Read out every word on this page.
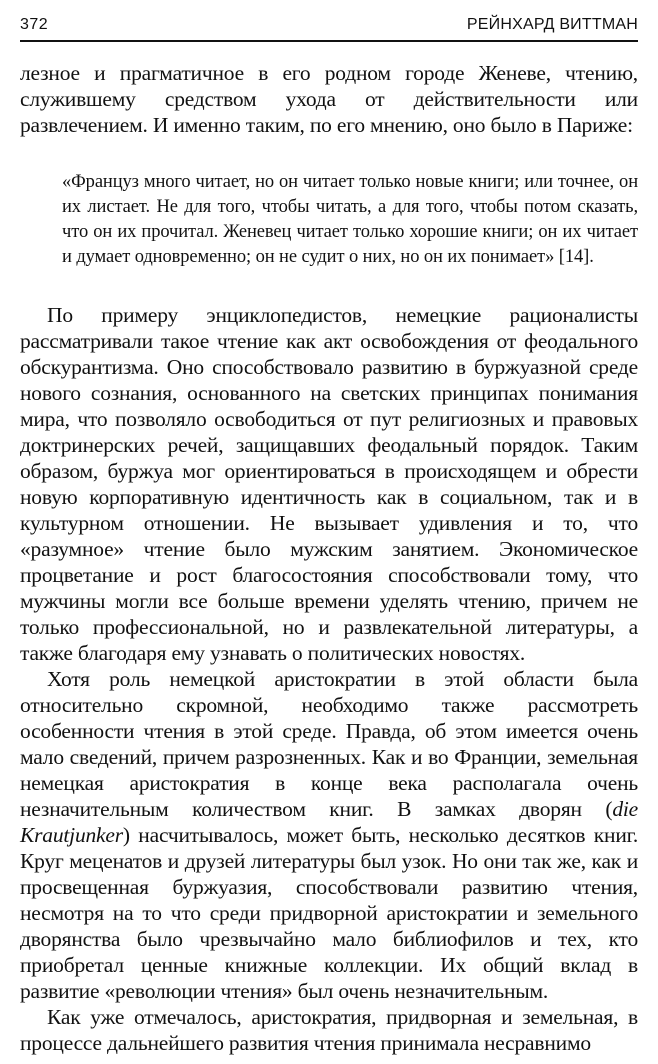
372	РЕЙНХАРД ВИТТМАН

лезное и прагматичное в его родном городе Женеве, чтению, служившему средством ухода от действительности или развлечением. И именно таким, по его мнению, оно было в Париже:

«Француз много читает, но он читает только новые книги; или точнее, он их листает. Не для того, чтобы читать, а для того, чтобы потом сказать, что он их прочитал. Женевец читает только хорошие книги; он их читает и думает одновременно; он не судит о них, но он их понимает» [14].

По примеру энциклопедистов, немецкие рационалисты рассматривали такое чтение как акт освобождения от феодального обскурантизма. Оно способствовало развитию в буржуазной среде нового сознания, основанного на светских принципах понимания мира, что позволяло освободиться от пут религиозных и правовых доктринерских речей, защищавших феодальный порядок. Таким образом, буржуа мог ориентироваться в происходящем и обрести новую корпоративную идентичность как в социальном, так и в культурном отношении. Не вызывает удивления и то, что «разумное» чтение было мужским занятием. Экономическое процветание и рост благосостояния способствовали тому, что мужчины могли все больше времени уделять чтению, причем не только профессиональной, но и развлекательной литературы, а также благодаря ему узнавать о политических новостях.

Хотя роль немецкой аристократии в этой области была относительно скромной, необходимо также рассмотреть особенности чтения в этой среде. Правда, об этом имеется очень мало сведений, причем разрозненных. Как и во Франции, земельная немецкая аристократия в конце века располагала очень незначительным количеством книг. В замках дворян (die Krautjunker) насчитывалось, может быть, несколько десятков книг. Круг меценатов и друзей литературы был узок. Но они так же, как и просвещенная буржуазия, способствовали развитию чтения, несмотря на то что среди придворной аристократии и земельного дворянства было чрезвычайно мало библиофилов и тех, кто приобретал ценные книжные коллекции. Их общий вклад в развитие «революции чтения» был очень незначительным.

Как уже отмечалось, аристократия, придворная и земельная, в процессе дальнейшего развития чтения принимала несравнимо
